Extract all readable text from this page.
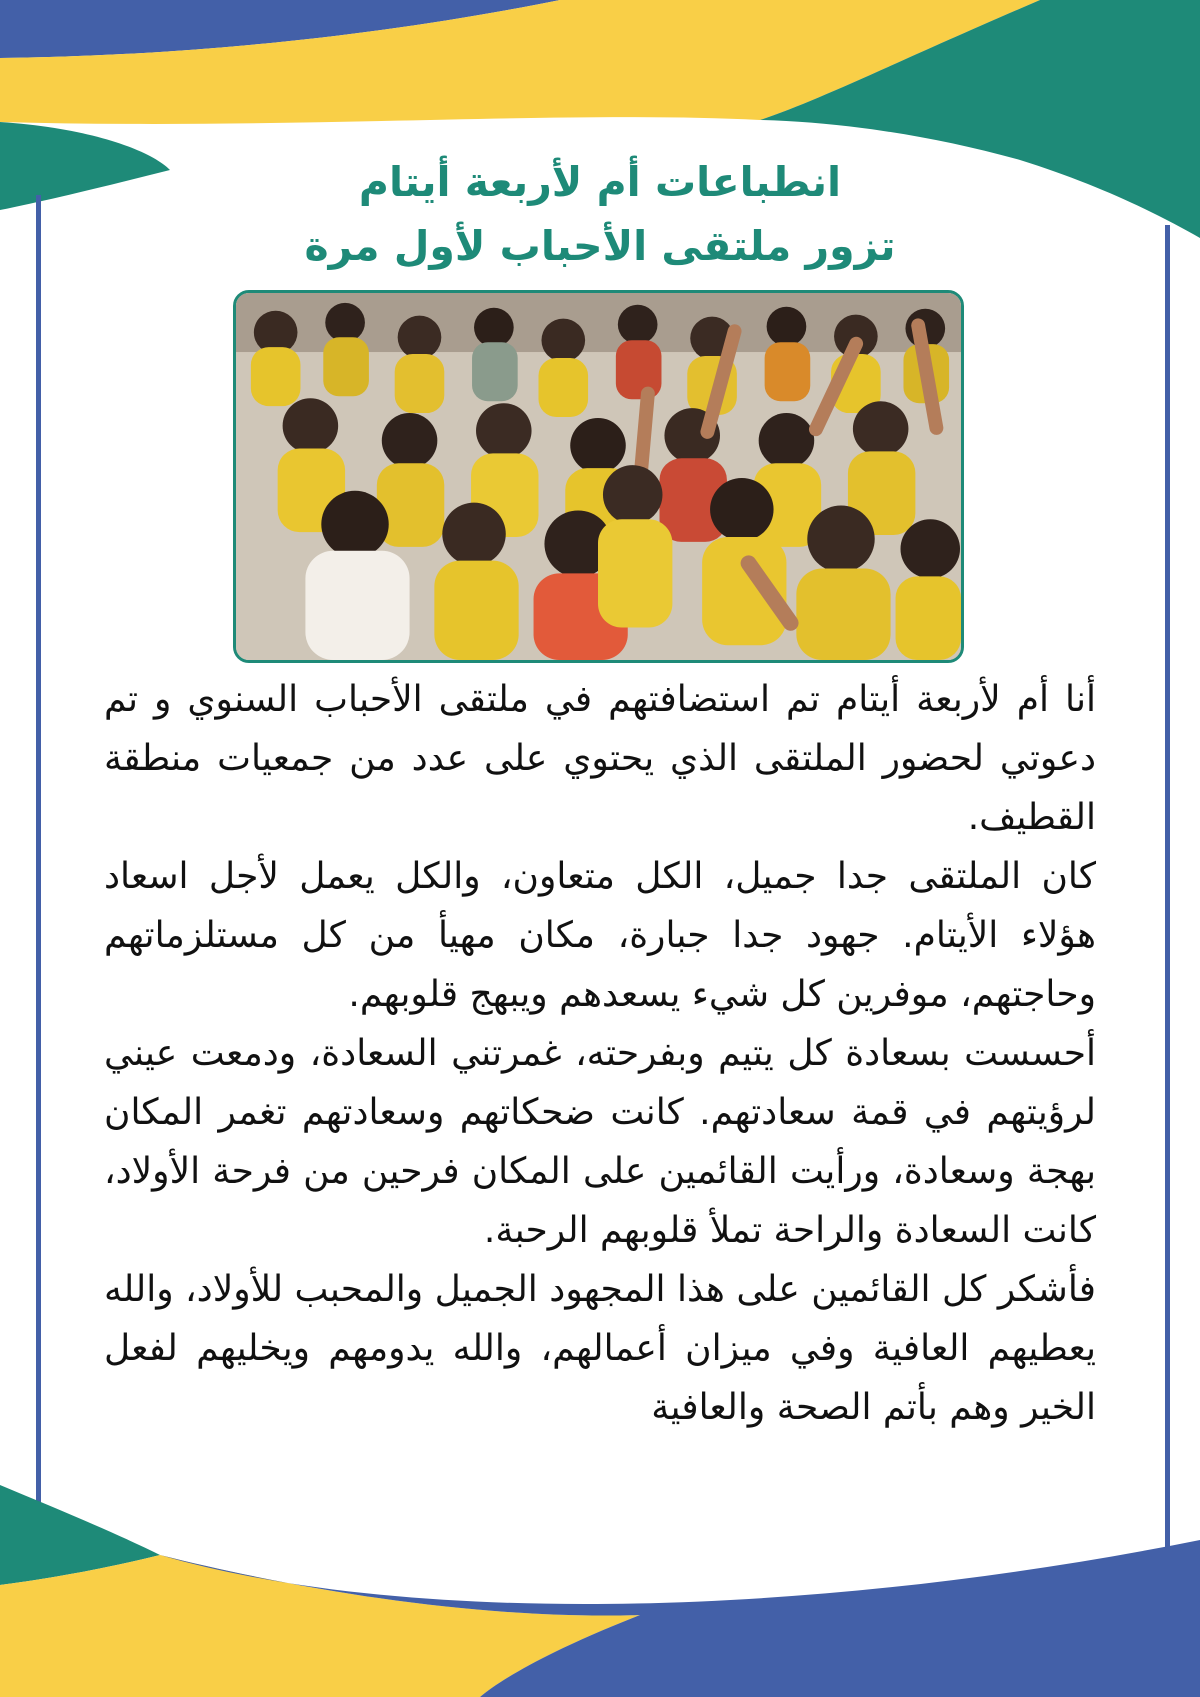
انطباعات أم لأربعة أيتام
تزور ملتقى الأحباب لأول مرة

أنا أم لأربعة أيتام تم استضافتهم في ملتقى الأحباب السنوي و تم دعوتي لحضور الملتقى الذي يحتوي على عدد من جمعيات منطقة القطيف.

كان الملتقى جدا جميل، الكل متعاون، والكل يعمل لأجل اسعاد هؤلاء الأيتام. جهود جدا جبارة، مكان مهيأ من كل مستلزماتهم وحاجتهم، موفرين كل شيء يسعدهم ويبهج قلوبهم.

أحسست بسعادة كل يتيم وبفرحته، غمرتني السعادة، ودمعت عيني لرؤيتهم في قمة سعادتهم. كانت ضحكاتهم وسعادتهم تغمر المكان بهجة وسعادة، ورأيت القائمين على المكان فرحين من فرحة الأولاد، كانت السعادة والراحة تملأ قلوبهم الرحبة.

فأشكر كل القائمين على هذا المجهود الجميل والمحبب للأولاد، والله يعطيهم العافية وفي ميزان أعمالهم، والله يدومهم ويخليهم لفعل الخير وهم بأتم الصحة والعافية
